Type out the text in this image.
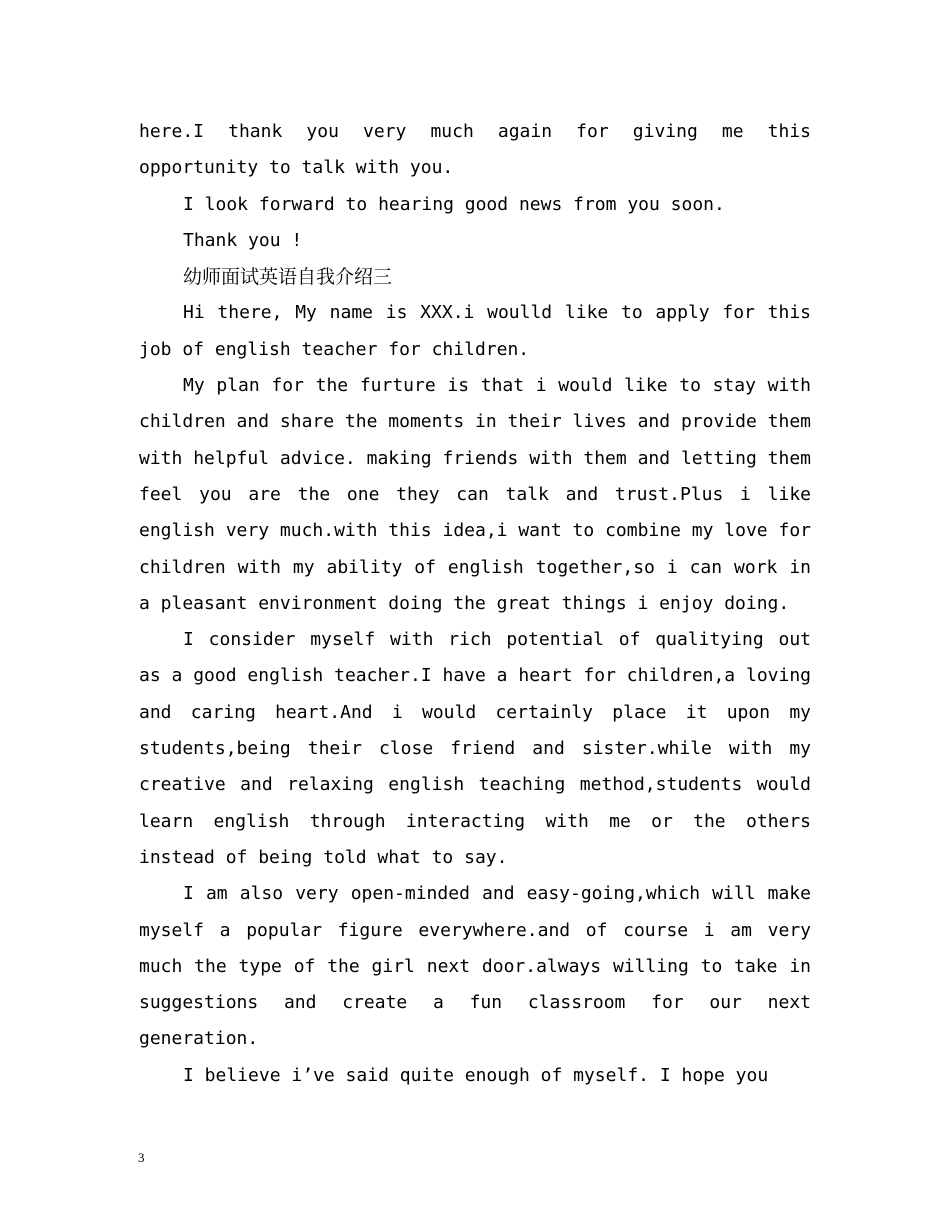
here.I thank you very much again for giving me this opportunity to talk with you.

I look forward to hearing good news from you soon.

Thank you !

幼师面试英语自我介绍三

Hi there, My name is XXX.i woulld like to apply for this job of english teacher for children.

My plan for the furture is that i would like to stay with children and share the moments in their lives and provide them with helpful advice. making friends with them and letting them feel you are the one they can talk and trust.Plus i like english very much.with this idea,i want to combine my love for children with my ability of english together,so i can work in a pleasant environment doing the great things i enjoy doing.

I consider myself with rich potential of qualitying out as a good english teacher.I have a heart for children,a loving and caring heart.And i would certainly place it upon my students,being their close friend and sister.while with my creative and relaxing english teaching method,students would learn english through interacting with me or the others instead of being told what to say.

I am also very open-minded and easy-going,which will make myself a popular figure everywhere.and of course i am very much the type of the girl next door.always willing to take in suggestions and create a fun classroom for our next generation.

I believe i’ve said quite enough of myself. I hope you

3
